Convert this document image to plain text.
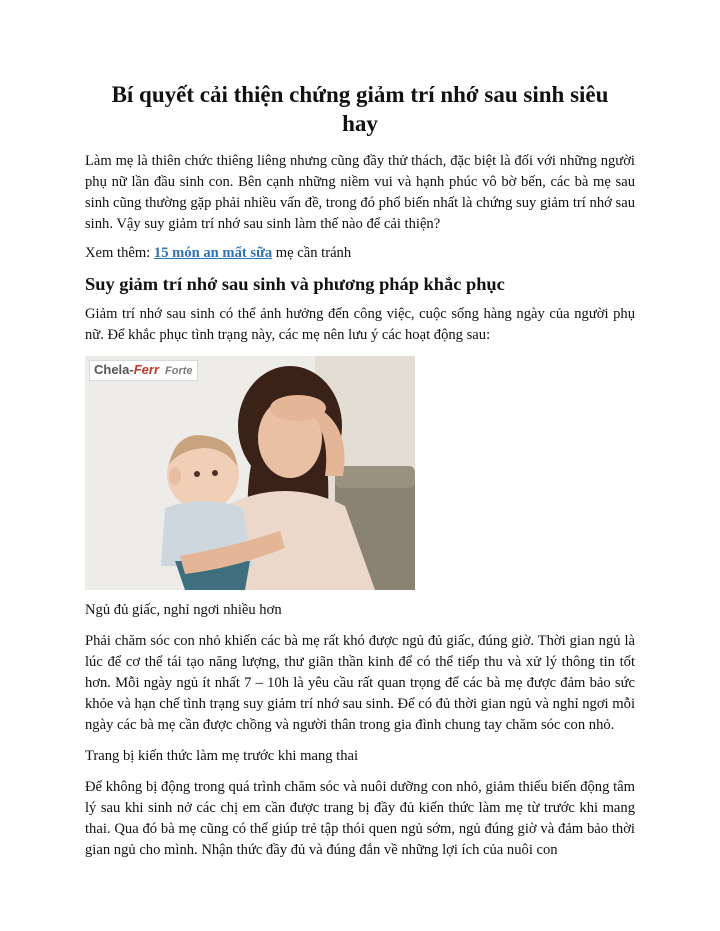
Bí quyết cải thiện chứng giảm trí nhớ sau sinh siêu hay

Làm mẹ là thiên chức thiêng liêng nhưng cũng đầy thử thách, đặc biệt là đối với những người phụ nữ lần đầu sinh con. Bên cạnh những niềm vui và hạnh phúc vô bờ bến, các bà mẹ sau sinh cũng thường gặp phải nhiều vấn đề, trong đó phổ biến nhất là chứng suy giảm trí nhớ sau sinh. Vậy suy giảm trí nhớ sau sinh làm thế nào để cải thiện?

Xem thêm: 15 món an mất sữa mẹ cần tránh

Suy giảm trí nhớ sau sinh và phương pháp khắc phục

Giảm trí nhớ sau sinh có thể ảnh hưởng đến công việc, cuộc sống hàng ngày của người phụ nữ. Để khắc phục tình trạng này, các mẹ nên lưu ý các hoạt động sau:

Chela-Ferr Forte

Ngủ đủ giấc, nghỉ ngơi nhiều hơn

Phải chăm sóc con nhỏ khiến các bà mẹ rất khó được ngủ đủ giấc, đúng giờ. Thời gian ngủ là lúc để cơ thể tái tạo năng lượng, thư giãn thần kinh để có thể tiếp thu và xử lý thông tin tốt hơn. Mỗi ngày ngủ ít nhất 7 – 10h là yêu cầu rất quan trọng để các bà mẹ được đảm bảo sức khỏe và hạn chế tình trạng suy giảm trí nhớ sau sinh. Để có đủ thời gian ngủ và nghỉ ngơi mỗi ngày các bà mẹ cần được chồng và người thân trong gia đình chung tay chăm sóc con nhỏ.

Trang bị kiến thức làm mẹ trước khi mang thai

Để không bị động trong quá trình chăm sóc và nuôi dưỡng con nhỏ, giảm thiểu biến động tâm lý sau khi sinh nở các chị em cần được trang bị đầy đủ kiến thức làm mẹ từ trước khi mang thai. Qua đó bà mẹ cũng có thể giúp trẻ tập thói quen ngủ sớm, ngủ đúng giờ và đảm bảo thời gian ngủ cho mình. Nhận thức đầy đủ và đúng đắn về những lợi ích của nuôi con
